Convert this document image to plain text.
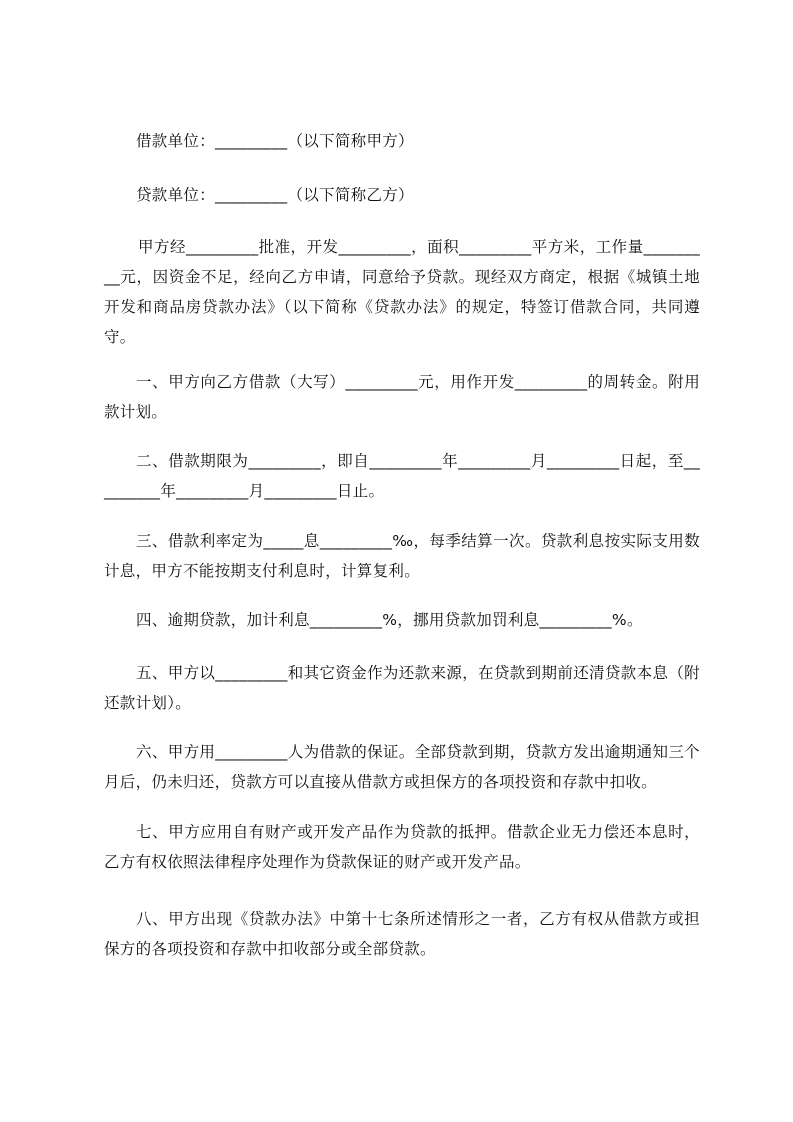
借款单位：_________（以下简称甲方）

贷款单位：_________（以下简称乙方）

甲方经_________批准，开发_________，面积_________平方米，工作量_________元，因资金不足，经向乙方申请，同意给予贷款。现经双方商定，根据《城镇土地开发和商品房贷款办法》（以下简称《贷款办法》的规定，特签订借款合同，共同遵守。

一、甲方向乙方借款（大写）_________元，用作开发_________的周转金。附用款计划。

二、借款期限为_________，即自_________年_________月_________日起，至_________年_________月_________日止。

三、借款利率定为_____息_________‰，每季结算一次。贷款利息按实际支用数计息，甲方不能按期支付利息时，计算复利。

四、逾期贷款，加计利息_________%，挪用贷款加罚利息_________%。

五、甲方以_________和其它资金作为还款来源，在贷款到期前还清贷款本息（附还款计划）。

六、甲方用_________人为借款的保证。全部贷款到期，贷款方发出逾期通知三个月后，仍未归还，贷款方可以直接从借款方或担保方的各项投资和存款中扣收。

七、甲方应用自有财产或开发产品作为贷款的抵押。借款企业无力偿还本息时，乙方有权依照法律程序处理作为贷款保证的财产或开发产品。

八、甲方出现《贷款办法》中第十七条所述情形之一者，乙方有权从借款方或担保方的各项投资和存款中扣收部分或全部贷款。
